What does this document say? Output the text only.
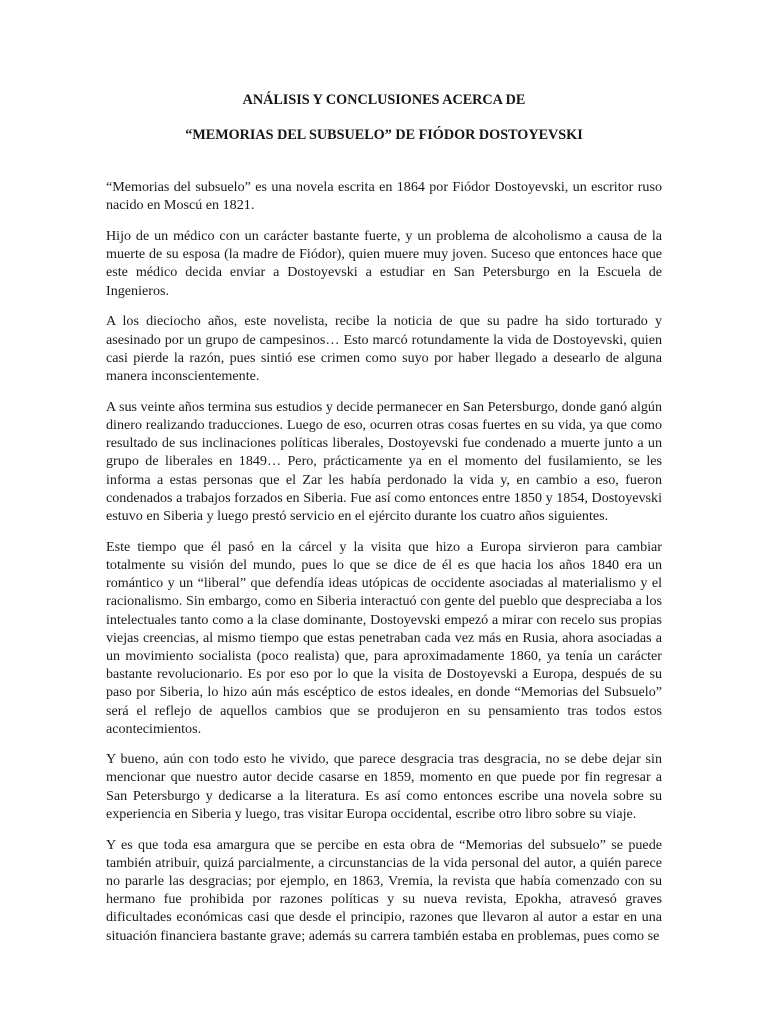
ANÁLISIS Y CONCLUSIONES ACERCA DE

“MEMORIAS DEL SUBSUELO” DE FIÓDOR DOSTOYEVSKI

“Memorias del subsuelo” es una novela escrita en 1864 por Fiódor Dostoyevski, un escritor ruso nacido en Moscú en 1821.

Hijo de un médico con un carácter bastante fuerte, y un problema de alcoholismo a causa de la muerte de su esposa (la madre de Fiódor), quien muere muy joven. Suceso que entonces hace que este médico decida enviar a Dostoyevski a estudiar en San Petersburgo en la Escuela de Ingenieros.

A los dieciocho años, este novelista, recibe la noticia de que su padre ha sido torturado y asesinado por un grupo de campesinos… Esto marcó rotundamente la vida de Dostoyevski, quien casi pierde la razón, pues sintió ese crimen como suyo por haber llegado a desearlo de alguna manera inconscientemente.

A sus veinte años termina sus estudios y decide permanecer en San Petersburgo, donde ganó algún dinero realizando traducciones. Luego de eso, ocurren otras cosas fuertes en su vida, ya que como resultado de sus inclinaciones políticas liberales, Dostoyevski fue condenado a muerte junto a un grupo de liberales en 1849… Pero, prácticamente ya en el momento del fusilamiento, se les informa a estas personas que el Zar les había perdonado la vida y, en cambio a eso, fueron condenados a trabajos forzados en Siberia. Fue así como entonces entre 1850 y 1854, Dostoyevski estuvo en Siberia y luego prestó servicio en el ejército durante los cuatro años siguientes.

Este tiempo que él pasó en la cárcel y la visita que hizo a Europa sirvieron para cambiar totalmente su visión del mundo, pues lo que se dice de él es que hacia los años 1840 era un romántico y un “liberal” que defendía ideas utópicas de occidente asociadas al materialismo y el racionalismo. Sin embargo, como en Siberia interactuó con gente del pueblo que despreciaba a los intelectuales tanto como a la clase dominante, Dostoyevski empezó a mirar con recelo sus propias viejas creencias, al mismo tiempo que estas penetraban cada vez más en Rusia, ahora asociadas a un movimiento socialista (poco realista) que, para aproximadamente 1860, ya tenía un carácter bastante revolucionario. Es por eso por lo que la visita de Dostoyevski a Europa, después de su paso por Siberia, lo hizo aún más escéptico de estos ideales, en donde “Memorias del Subsuelo” será el reflejo de aquellos cambios que se produjeron en su pensamiento tras todos estos acontecimientos.

Y bueno, aún con todo esto he vivido, que parece desgracia tras desgracia, no se debe dejar sin mencionar que nuestro autor decide casarse en 1859, momento en que puede por fin regresar a San Petersburgo y dedicarse a la literatura. Es así como entonces escribe una novela sobre su experiencia en Siberia y luego, tras visitar Europa occidental, escribe otro libro sobre su viaje.

Y es que toda esa amargura que se percibe en esta obra de “Memorias del subsuelo” se puede también atribuir, quizá parcialmente, a circunstancias de la vida personal del autor, a quién parece no pararle las desgracias; por ejemplo, en 1863, Vremia, la revista que había comenzado con su hermano fue prohibida por razones políticas y su nueva revista, Epokha, atravesó graves dificultades económicas casi que desde el principio, razones que llevaron al autor a estar en una situación financiera bastante grave; además su carrera también estaba en problemas, pues como se
